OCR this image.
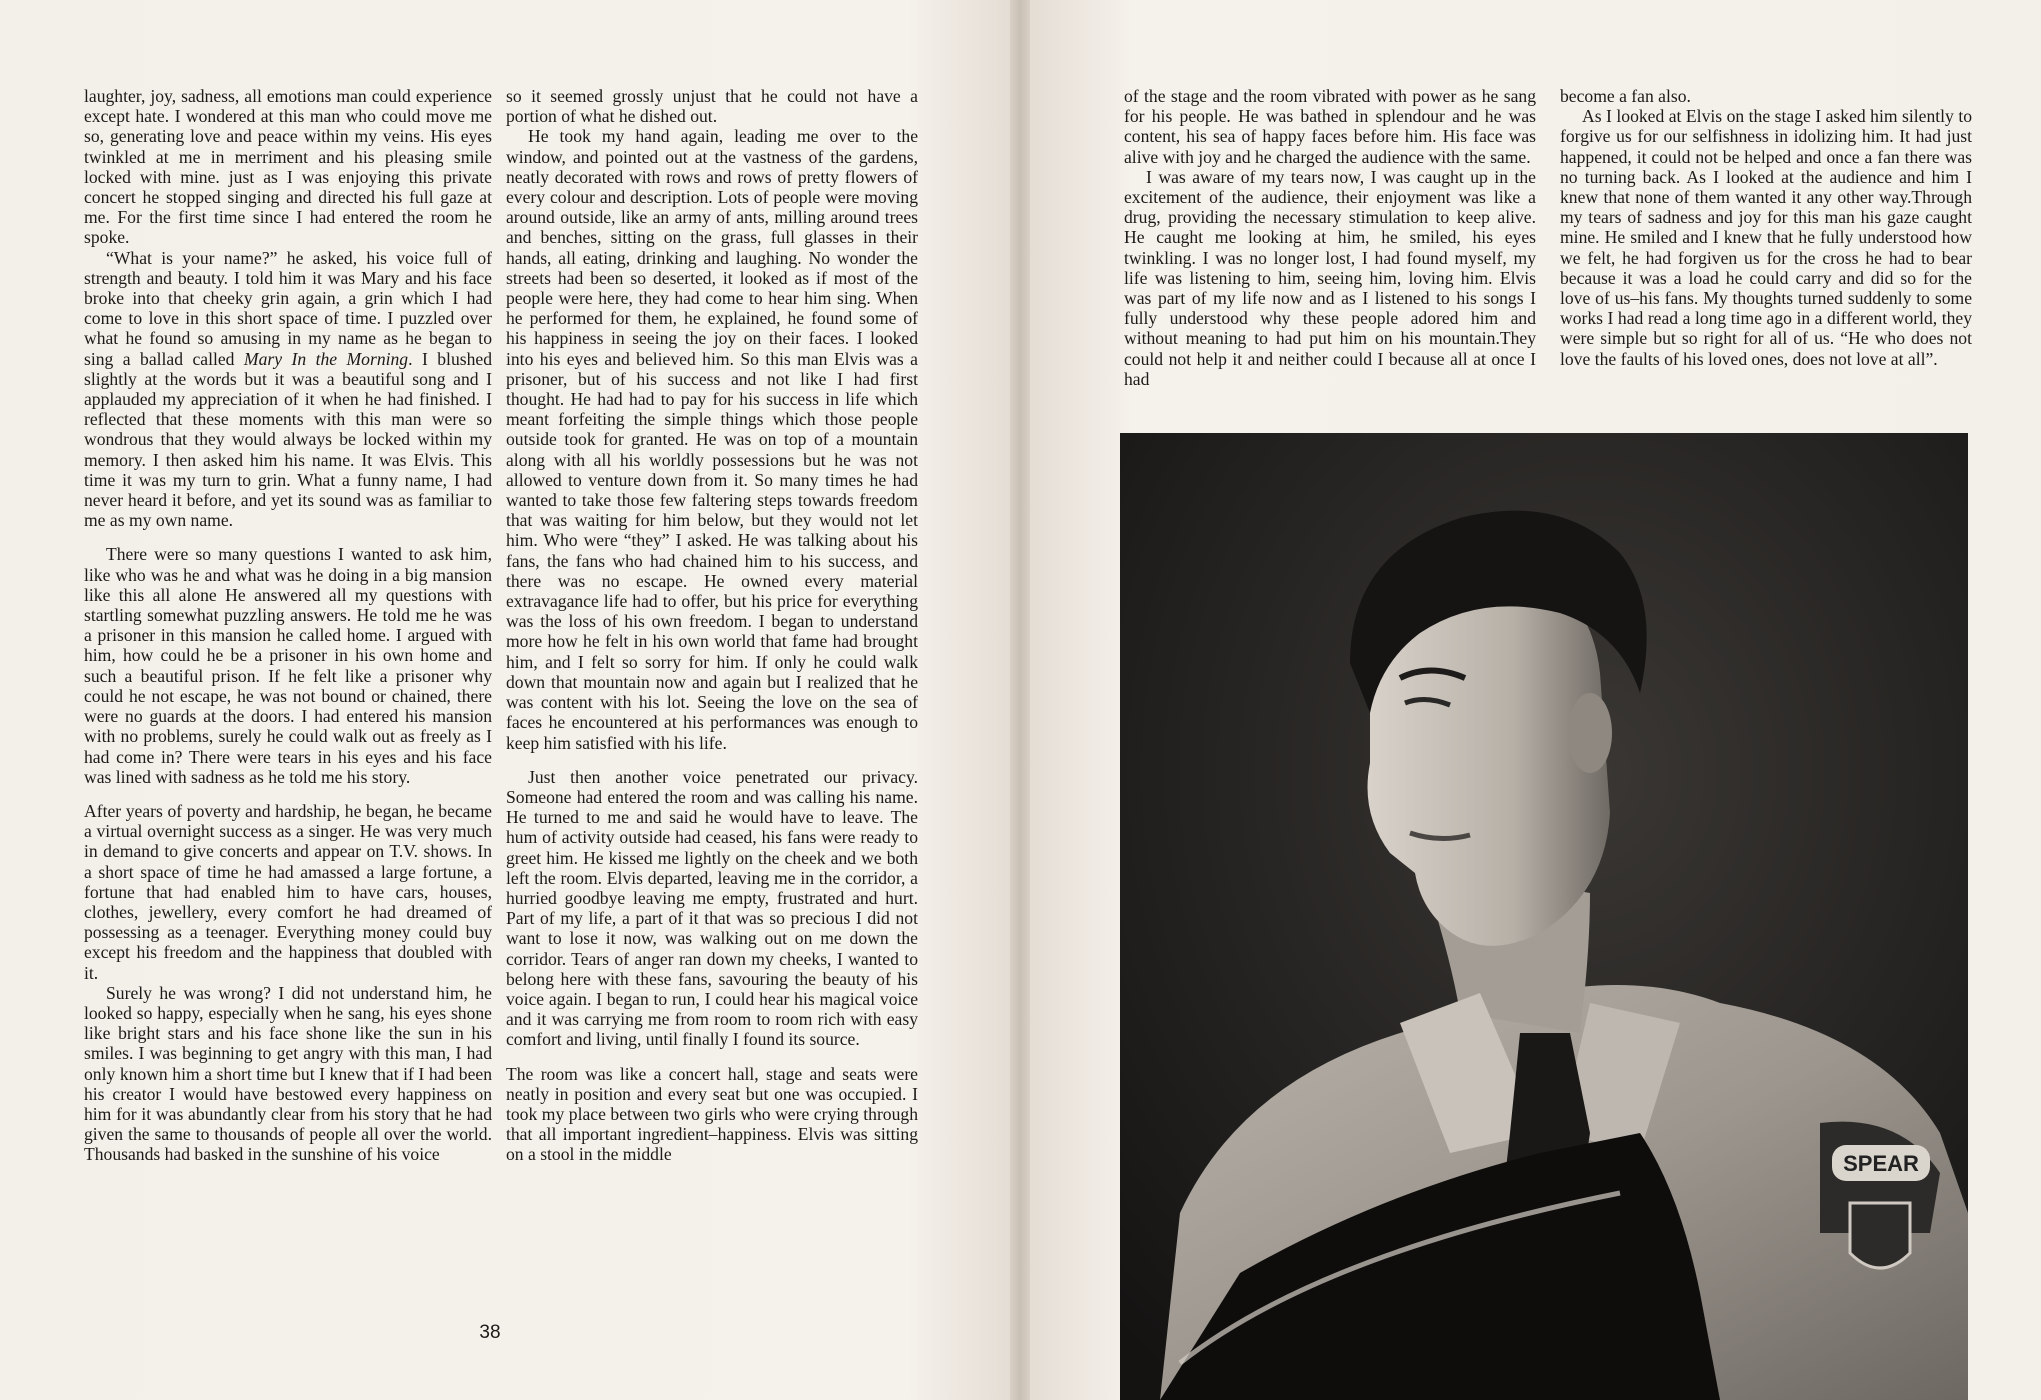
laughter, joy, sadness, all emotions man could experience except hate. I wondered at this man who could move me so, generating love and peace within my veins. His eyes twinkled at me in merriment and his pleasing smile locked with mine. just as I was enjoying this private concert he stopped singing and directed his full gaze at me. For the first time since I had entered the room he spoke.

“What is your name?” he asked, his voice full of strength and beauty. I told him it was Mary and his face broke into that cheeky grin again, a grin which I had come to love in this short space of time. I puzzled over what he found so amusing in my name as he began to sing a ballad called Mary In the Morning. I blushed slightly at the words but it was a beautiful song and I applauded my appreciation of it when he had finished. I reflected that these moments with this man were so wondrous that they would always be locked within my memory. I then asked him his name. It was Elvis. This time it was my turn to grin. What a funny name, I had never heard it before, and yet its sound was as familiar to me as my own name.

There were so many questions I wanted to ask him, like who was he and what was he doing in a big mansion like this all alone He answered all my questions with startling somewhat puzzling answers. He told me he was a prisoner in this mansion he called home. I argued with him, how could he be a prisoner in his own home and such a beautiful prison. If he felt like a prisoner why could he not escape, he was not bound or chained, there were no guards at the doors. I had entered his mansion with no problems, surely he could walk out as freely as I had come in? There were tears in his eyes and his face was lined with sadness as he told me his story.

After years of poverty and hardship, he began, he became a virtual overnight success as a singer. He was very much in demand to give concerts and appear on T.V. shows. In a short space of time he had amassed a large fortune, a fortune that had enabled him to have cars, houses, clothes, jewellery, every comfort he had dreamed of possessing as a teenager. Everything money could buy except his freedom and the happiness that doubled with it.

Surely he was wrong? I did not understand him, he looked so happy, especially when he sang, his eyes shone like bright stars and his face shone like the sun in his smiles. I was beginning to get angry with this man, I had only known him a short time but I knew that if I had been his creator I would have bestowed every happiness on him for it was abundantly clear from his story that he had given the same to thousands of people all over the world. Thousands had basked in the sunshine of his voice

so it seemed grossly unjust that he could not have a portion of what he dished out.

He took my hand again, leading me over to the window, and pointed out at the vastness of the gardens, neatly decorated with rows and rows of pretty flowers of every colour and description. Lots of people were moving around outside, like an army of ants, milling around trees and benches, sitting on the grass, full glasses in their hands, all eating, drinking and laughing. No wonder the streets had been so deserted, it looked as if most of the people were here, they had come to hear him sing. When he performed for them, he explained, he found some of his happiness in seeing the joy on their faces. I looked into his eyes and believed him. So this man Elvis was a prisoner, but of his success and not like I had first thought. He had had to pay for his success in life which meant forfeiting the simple things which those people outside took for granted. He was on top of a mountain along with all his worldly possessions but he was not allowed to venture down from it. So many times he had wanted to take those few faltering steps towards freedom that was waiting for him below, but they would not let him. Who were “they” I asked. He was talking about his fans, the fans who had chained him to his success, and there was no escape. He owned every material extravagance life had to offer, but his price for everything was the loss of his own freedom. I began to understand more how he felt in his own world that fame had brought him, and I felt so sorry for him. If only he could walk down that mountain now and again but I realized that he was content with his lot. Seeing the love on the sea of faces he encountered at his performances was enough to keep him satisfied with his life.

Just then another voice penetrated our privacy. Someone had entered the room and was calling his name. He turned to me and said he would have to leave. The hum of activity outside had ceased, his fans were ready to greet him. He kissed me lightly on the cheek and we both left the room. Elvis departed, leaving me in the corridor, a hurried goodbye leaving me empty, frustrated and hurt. Part of my life, a part of it that was so precious I did not want to lose it now, was walking out on me down the corridor. Tears of anger ran down my cheeks, I wanted to belong here with these fans, savouring the beauty of his voice again. I began to run, I could hear his magical voice and it was carrying me from room to room rich with easy comfort and living, until finally I found its source.

The room was like a concert hall, stage and seats were neatly in position and every seat but one was occupied. I took my place between two girls who were crying through that all important ingredient–happiness. Elvis was sitting on a stool in the middle

38

of the stage and the room vibrated with power as he sang for his people. He was bathed in splendour and he was content, his sea of happy faces before him. His face was alive with joy and he charged the audience with the same.

I was aware of my tears now, I was caught up in the excitement of the audience, their enjoyment was like a drug, providing the necessary stimulation to keep alive. He caught me looking at him, he smiled, his eyes twinkling. I was no longer lost, I had found myself, my life was listening to him, seeing him, loving him. Elvis was part of my life now and as I listened to his songs I fully understood why these people adored him and without meaning to had put him on his mountain.They could not help it and neither could I because all at once I had

become a fan also.

As I looked at Elvis on the stage I asked him silently to forgive us for our selfishness in idolizing him. It had just happened, it could not be helped and once a fan there was no turning back. As I looked at the audience and him I knew that none of them wanted it any other way.Through my tears of sadness and joy for this man his gaze caught mine. He smiled and I knew that he fully understood how we felt, he had forgiven us for the cross he had to bear because it was a load he could carry and did so for the love of us–his fans. My thoughts turned suddenly to some works I had read a long time ago in a different world, they were simple but so right for all of us. “He who does not love the faults of his loved ones, does not love at all”.

SPEAR
